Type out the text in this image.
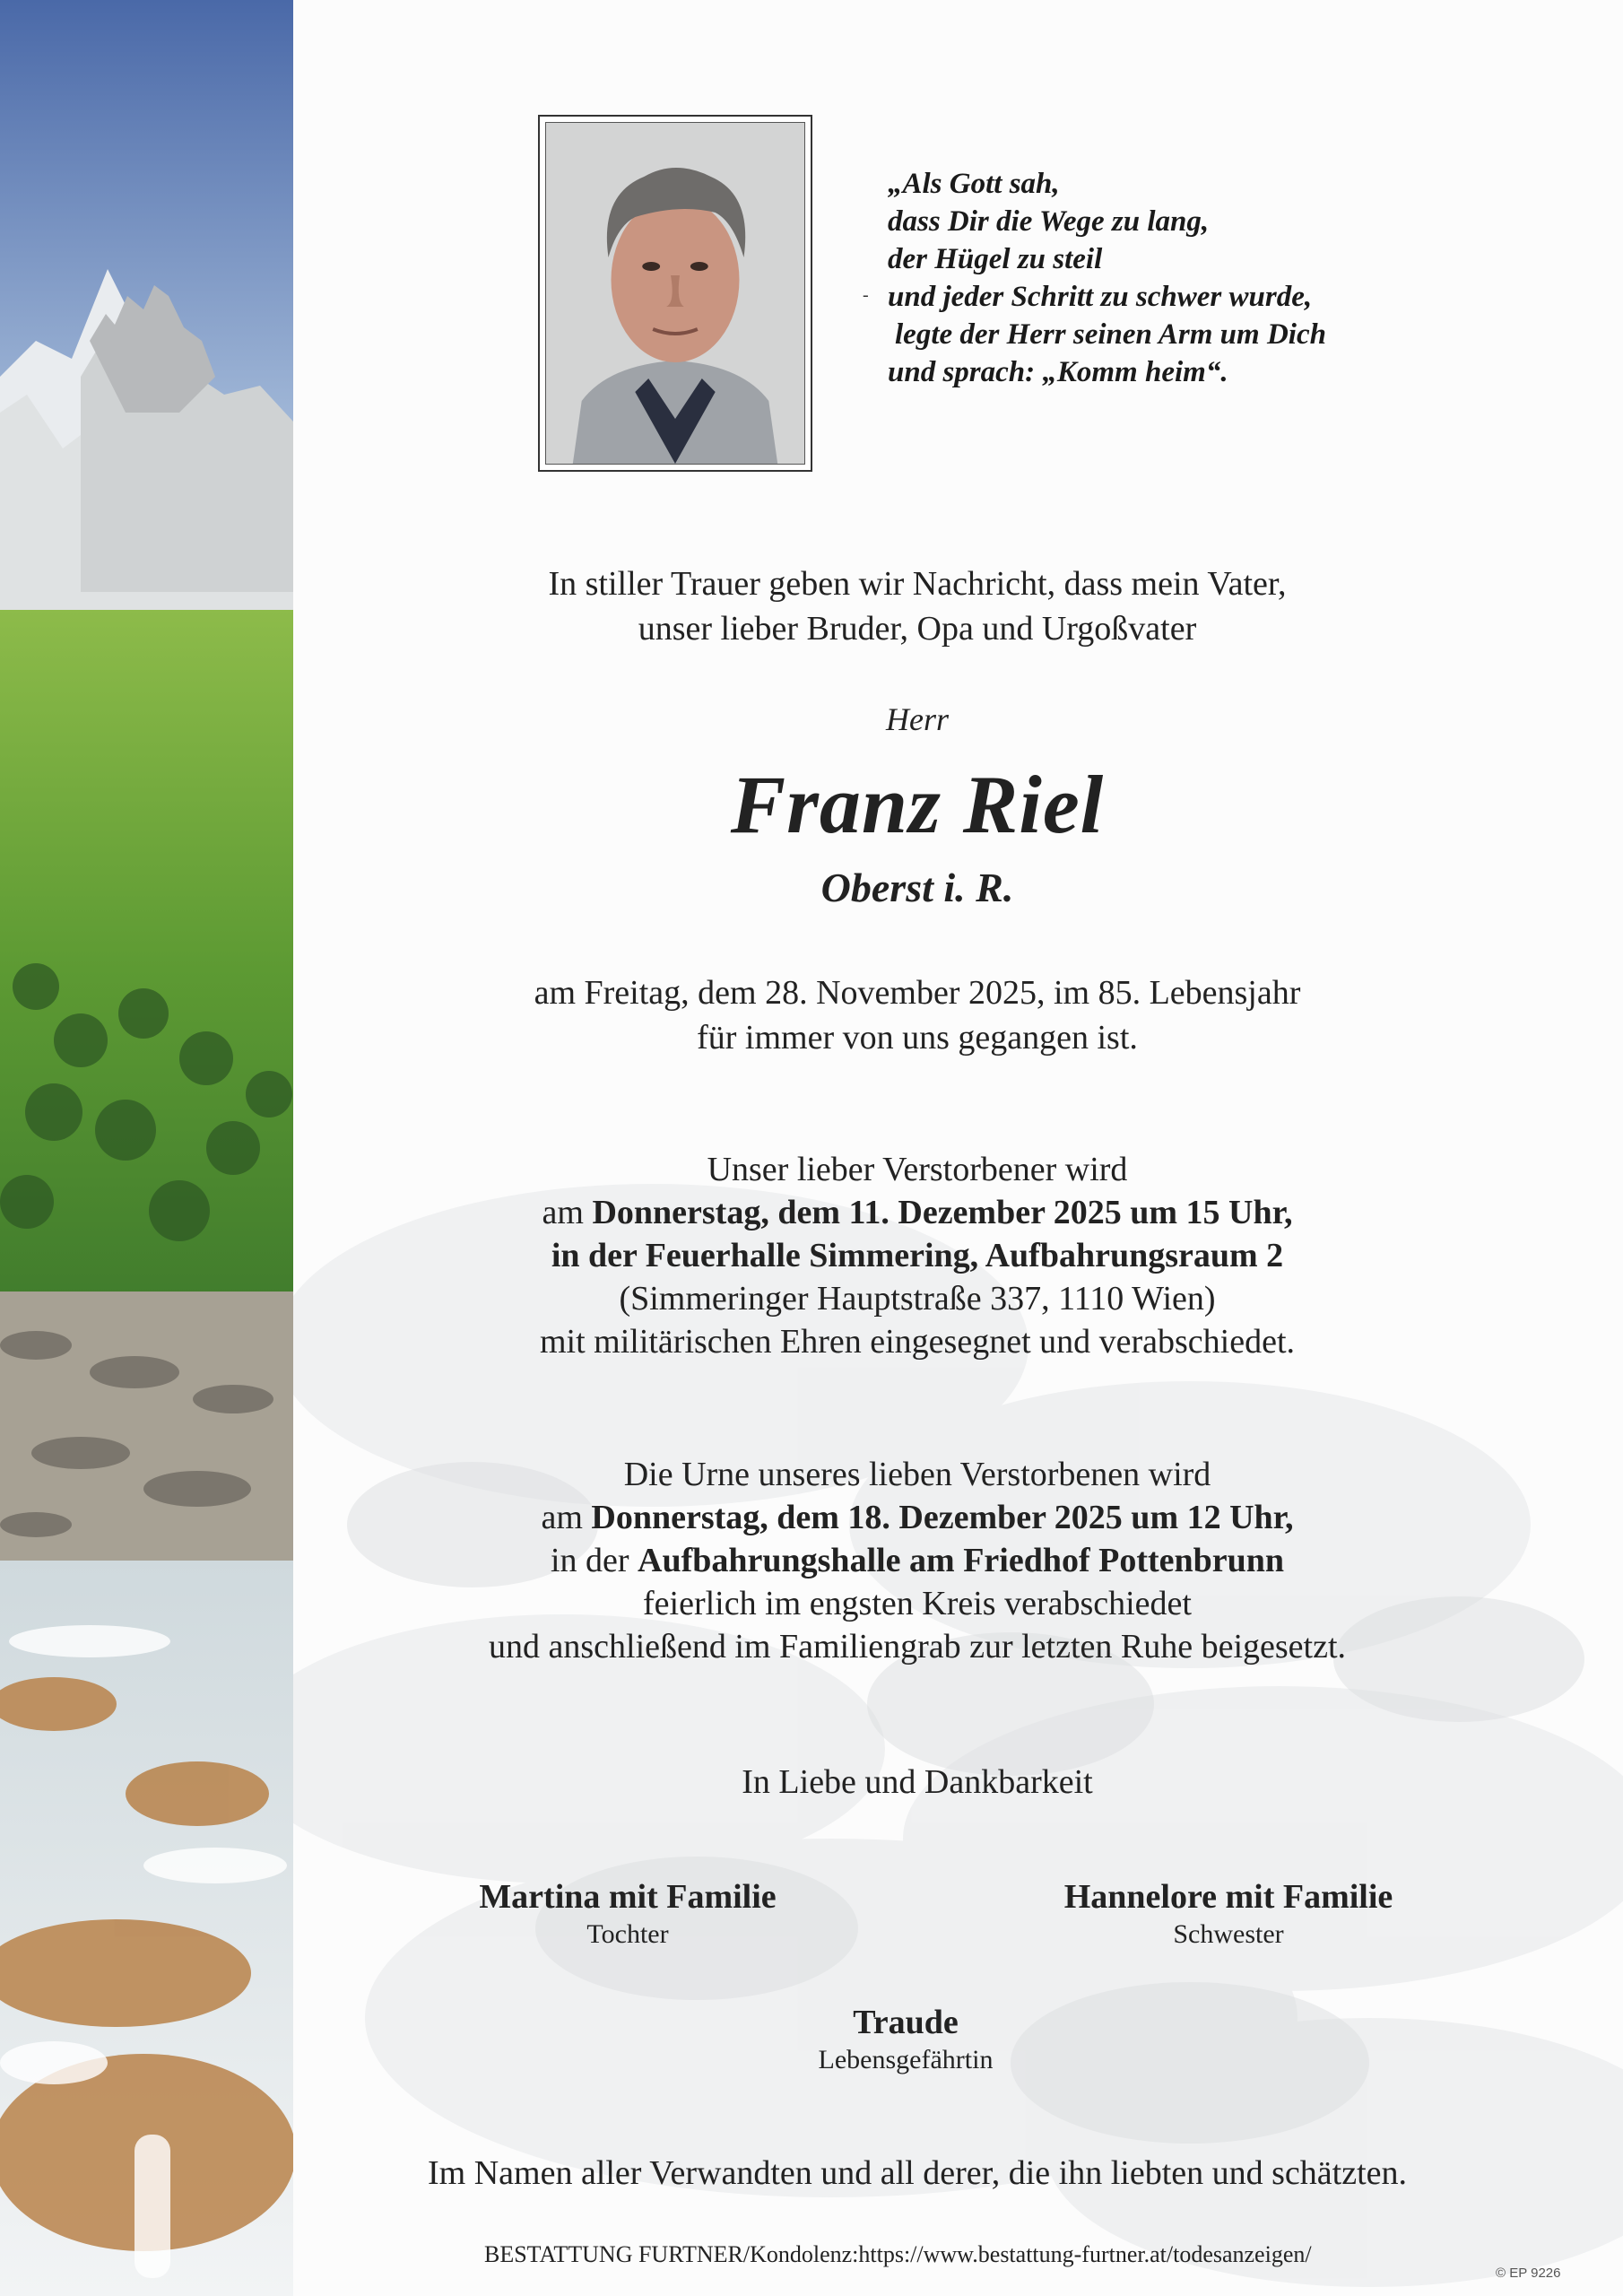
-
„Als Gott sah,
dass Dir die Wege zu lang,
der Hügel zu steil
und jeder Schritt zu schwer wurde,
legte der Herr seinen Arm um Dich
und sprach: „Komm heim“.
In stiller Trauer geben wir Nachricht, dass mein Vater,
unser lieber Bruder, Opa und Urgoßvater
Herr
Franz Riel
Oberst i. R.
am Freitag, dem 28. November 2025, im 85. Lebensjahr
für immer von uns gegangen ist.
Unser lieber Verstorbener wird
am Donnerstag, dem 11. Dezember 2025 um 15 Uhr,
in der Feuerhalle Simmering, Aufbahrungsraum 2
(Simmeringer Hauptstraße 337, 1110 Wien)
mit militärischen Ehren eingesegnet und verabschiedet.
Die Urne unseres lieben Verstorbenen wird
am Donnerstag, dem 18. Dezember 2025 um 12 Uhr,
in der Aufbahrungshalle am Friedhof Pottenbrunn
feierlich im engsten Kreis verabschiedet
und anschließend im Familiengrab zur letzten Ruhe beigesetzt.
In Liebe und Dankbarkeit
Martina mit Familie
Tochter
Hannelore mit Familie
Schwester
Traude
Lebensgefährtin
Im Namen aller Verwandten und all derer, die ihn liebten und schätzten.
BESTATTUNG FURTNER/Kondolenz:https://www.bestattung-furtner.at/todesanzeigen/
© EP 9226
